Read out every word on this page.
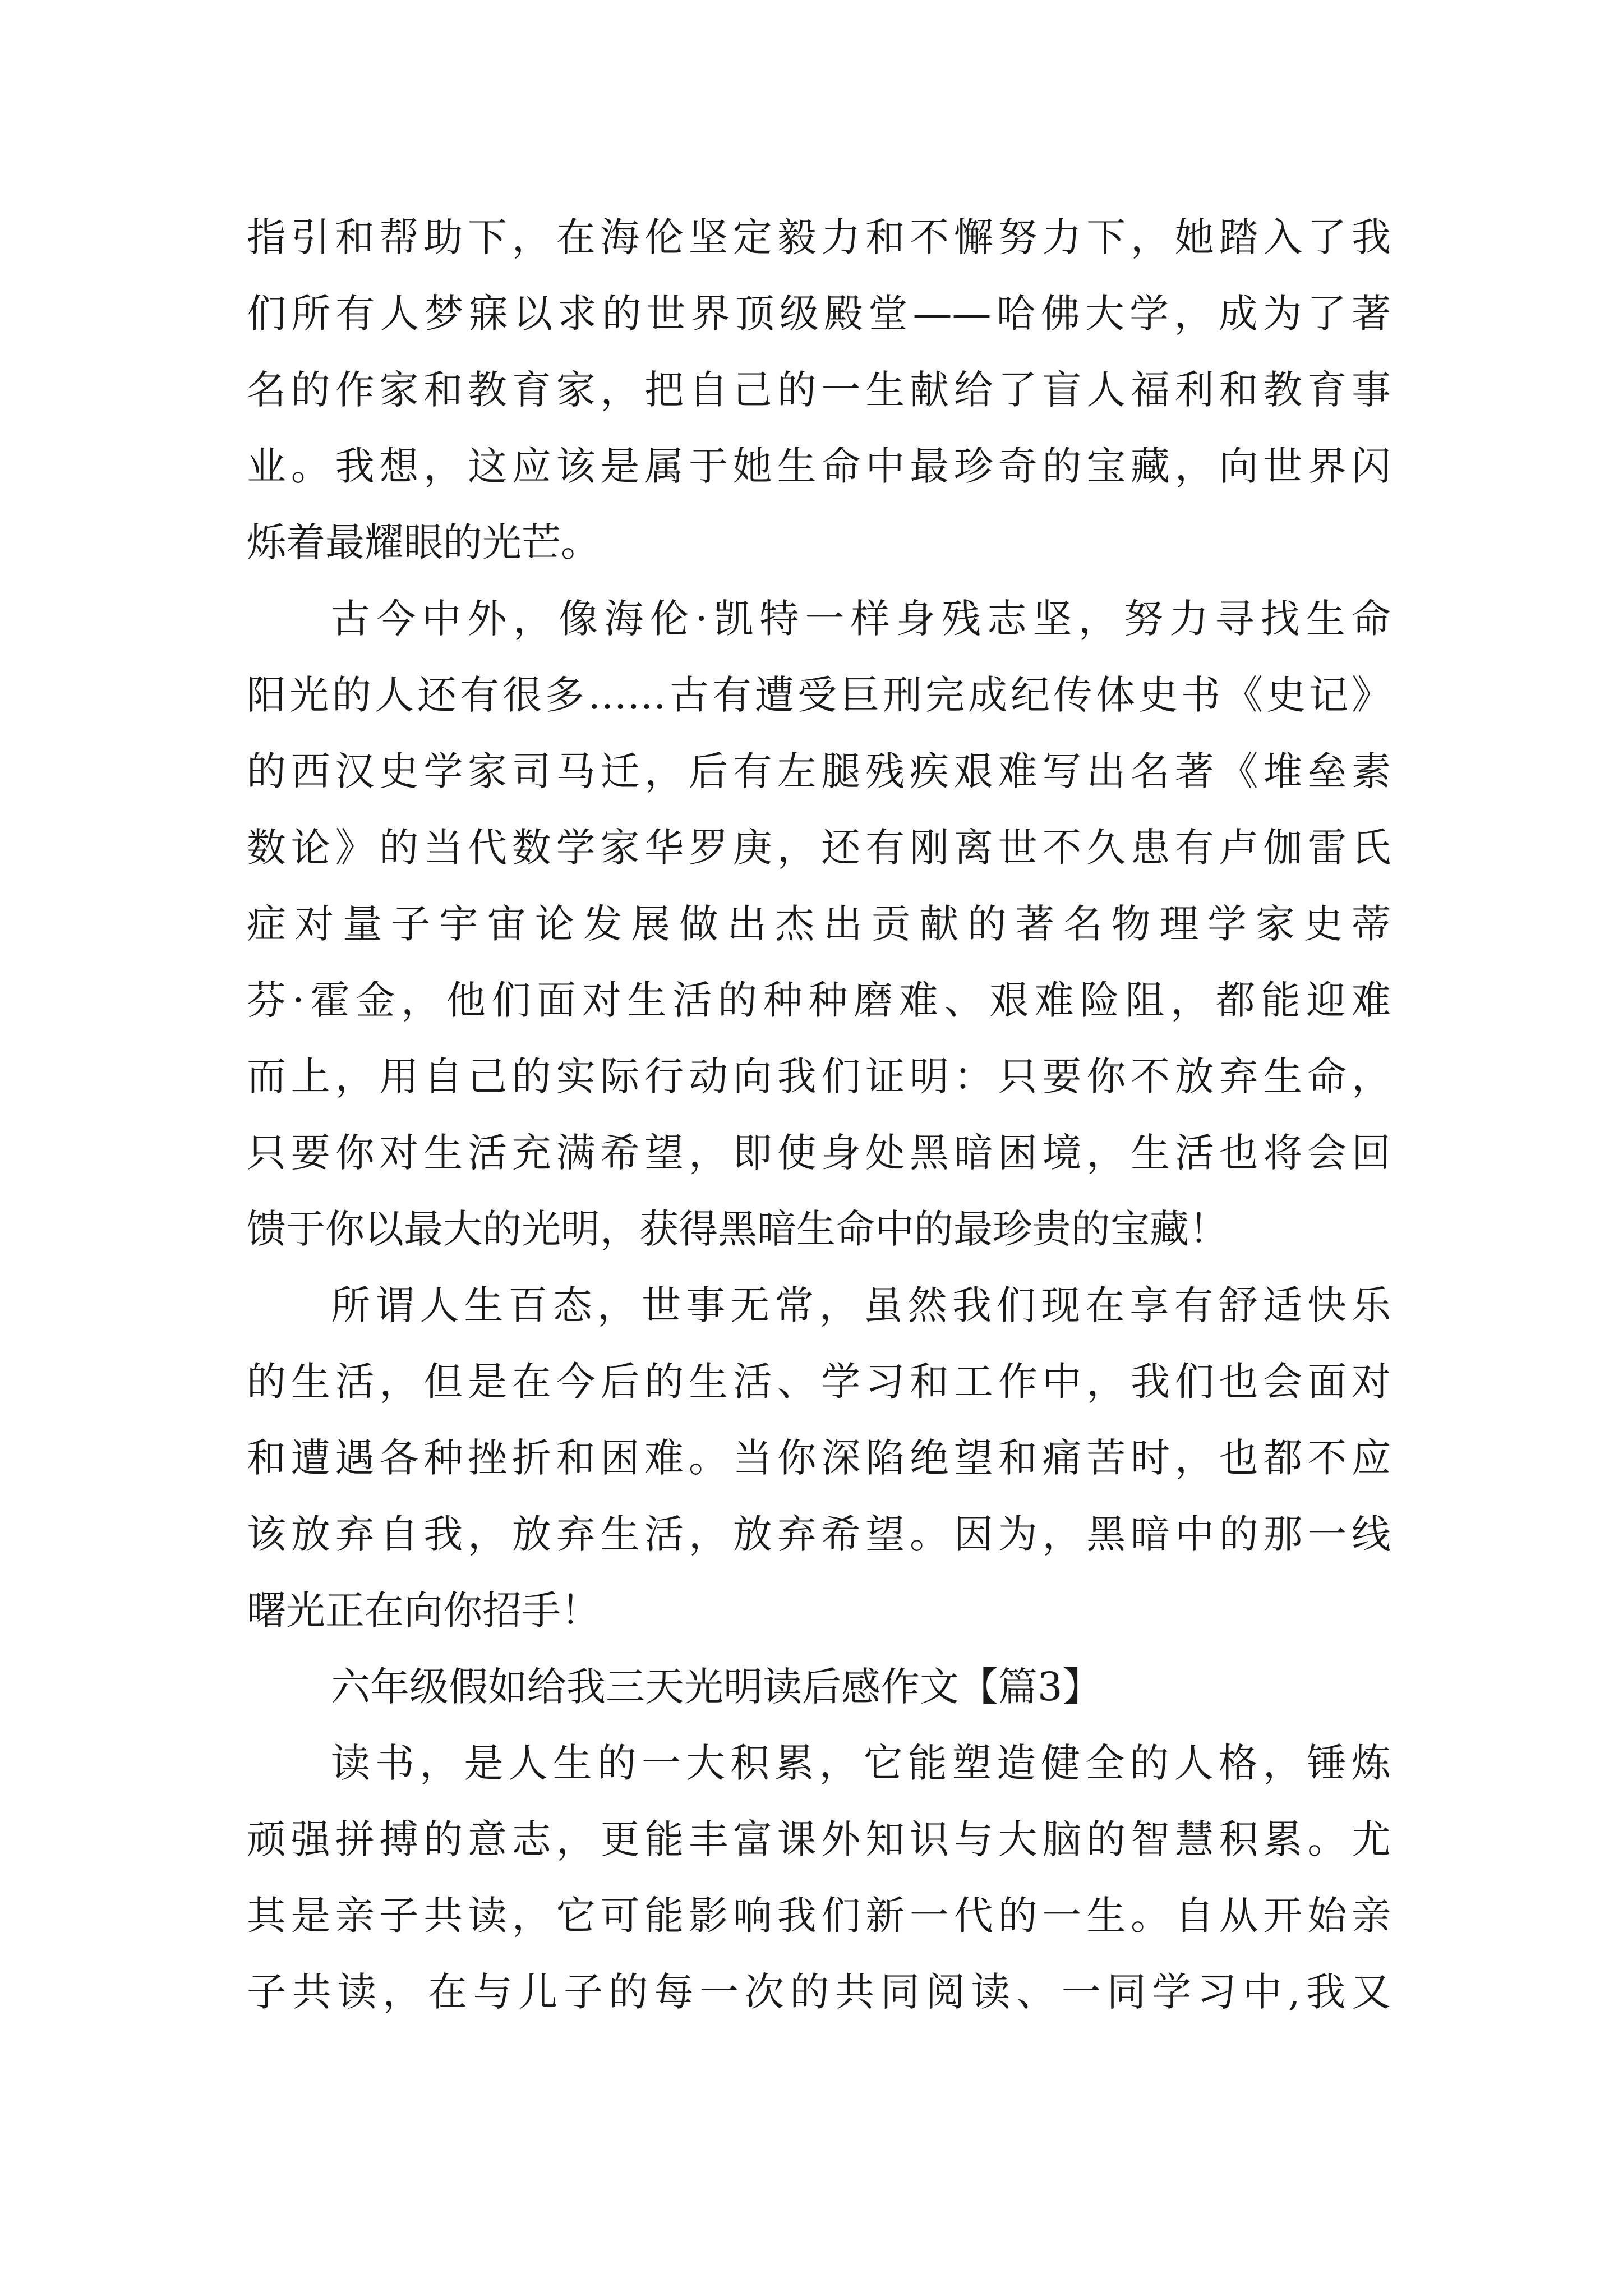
指引和帮助下，在海伦坚定毅力和不懈努力下，她踏入了我
们所有人梦寐以求的世界顶级殿堂——哈佛大学，成为了著
名的作家和教育家，把自己的一生献给了盲人福利和教育事
业。我想，这应该是属于她生命中最珍奇的宝藏，向世界闪
烁着最耀眼的光芒。
古今中外，像海伦·凯特一样身残志坚，努力寻找生命
阳光的人还有很多……古有遭受巨刑完成纪传体史书《史记》
的西汉史学家司马迁，后有左腿残疾艰难写出名著《堆垒素
数论》的当代数学家华罗庚，还有刚离世不久患有卢伽雷氏
症对量子宇宙论发展做出杰出贡献的著名物理学家史蒂
芬·霍金，他们面对生活的种种磨难、艰难险阻，都能迎难
而上，用自己的实际行动向我们证明：只要你不放弃生命，
只要你对生活充满希望，即使身处黑暗困境，生活也将会回
馈于你以最大的光明，获得黑暗生命中的最珍贵的宝藏！
所谓人生百态，世事无常，虽然我们现在享有舒适快乐
的生活，但是在今后的生活、学习和工作中，我们也会面对
和遭遇各种挫折和困难。当你深陷绝望和痛苦时，也都不应
该放弃自我，放弃生活，放弃希望。因为，黑暗中的那一线
曙光正在向你招手！
六年级假如给我三天光明读后感作文【篇3】
读书，是人生的一大积累，它能塑造健全的人格，锤炼
顽强拼搏的意志，更能丰富课外知识与大脑的智慧积累。尤
其是亲子共读，它可能影响我们新一代的一生。自从开始亲
子共读，在与儿子的每一次的共同阅读、一同学习中,我又
